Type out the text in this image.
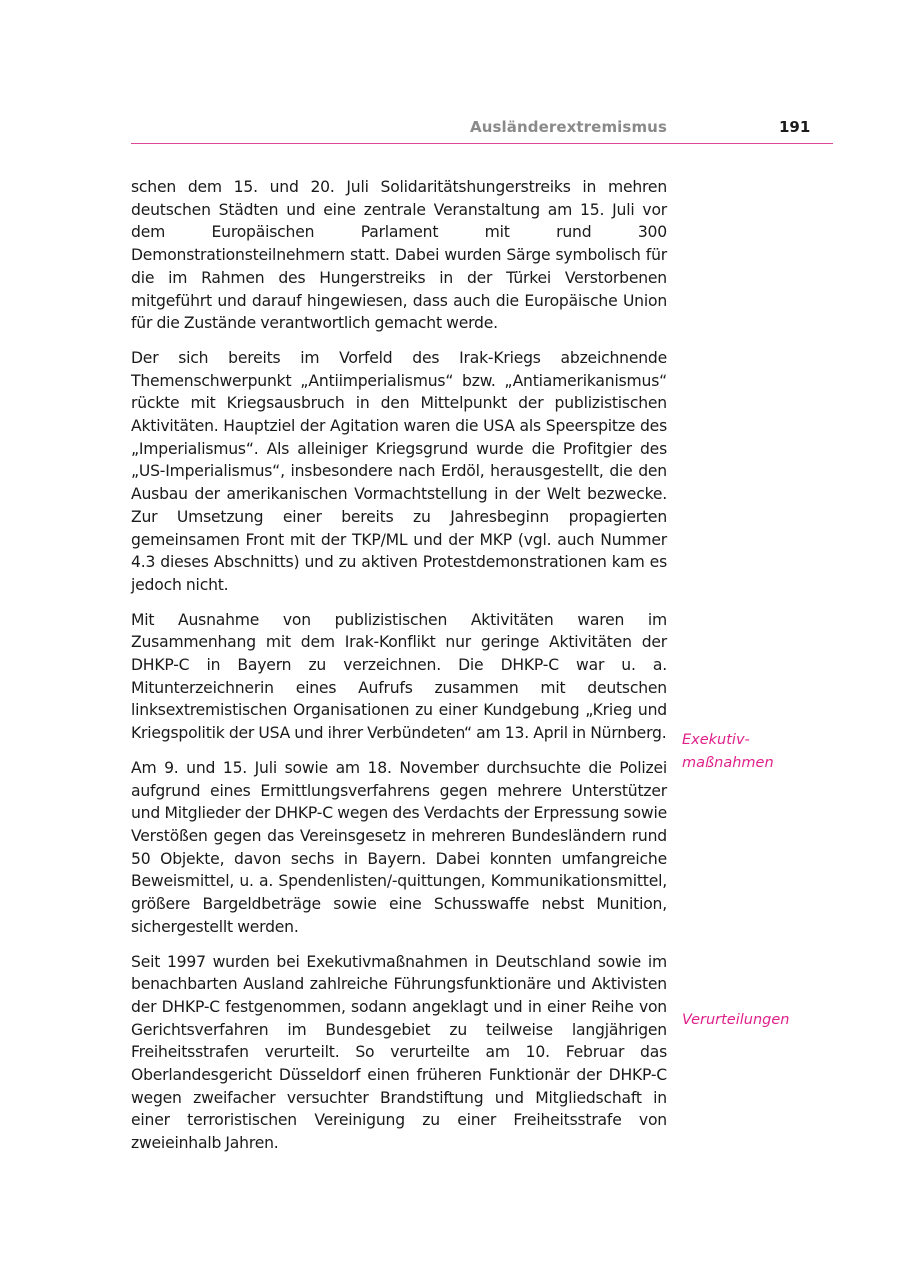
Ausländerextremismus	191

schen dem 15. und 20. Juli Solidaritätshungerstreiks in mehren deutschen Städten und eine zentrale Veranstaltung am 15. Juli vor dem Europäischen Parlament mit rund 300 Demonstrationsteilnehmern statt. Dabei wurden Särge symbolisch für die im Rahmen des Hungerstreiks in der Türkei Verstorbenen mitgeführt und darauf hingewiesen, dass auch die Europäische Union für die Zustände verantwortlich gemacht werde.

Der sich bereits im Vorfeld des Irak-Kriegs abzeichnende Themenschwerpunkt „Antiimperialismus“ bzw. „Antiamerikanismus“ rückte mit Kriegsausbruch in den Mittelpunkt der publizistischen Aktivitäten. Hauptziel der Agitation waren die USA als Speerspitze des „Imperialismus“. Als alleiniger Kriegsgrund wurde die Profitgier des „US-Imperialismus“, insbesondere nach Erdöl, herausgestellt, die den Ausbau der amerikanischen Vormachtstellung in der Welt bezwecke. Zur Umsetzung einer bereits zu Jahresbeginn propagierten gemeinsamen Front mit der TKP/ML und der MKP (vgl. auch Nummer 4.3 dieses Abschnitts) und zu aktiven Protestdemonstrationen kam es jedoch nicht.

Mit Ausnahme von publizistischen Aktivitäten waren im Zusammenhang mit dem Irak-Konflikt nur geringe Aktivitäten der DHKP-C in Bayern zu verzeichnen. Die DHKP-C war u. a. Mitunterzeichnerin eines Aufrufs zusammen mit deutschen linksextremistischen Organisationen zu einer Kundgebung „Krieg und Kriegspolitik der USA und ihrer Verbündeten“ am 13. April in Nürnberg.

Am 9. und 15. Juli sowie am 18. November durchsuchte die Polizei aufgrund eines Ermittlungsverfahrens gegen mehrere Unterstützer und Mitglieder der DHKP-C wegen des Verdachts der Erpressung sowie Verstößen gegen das Vereinsgesetz in mehreren Bundesländern rund 50 Objekte, davon sechs in Bayern. Dabei konnten umfangreiche Beweismittel, u. a. Spendenlisten/-quittungen, Kommunikationsmittel, größere Bargeldbeträge sowie eine Schusswaffe nebst Munition, sichergestellt werden.

Seit 1997 wurden bei Exekutivmaßnahmen in Deutschland sowie im benachbarten Ausland zahlreiche Führungsfunktionäre und Aktivisten der DHKP-C festgenommen, sodann angeklagt und in einer Reihe von Gerichtsverfahren im Bundesgebiet zu teilweise langjährigen Freiheitsstrafen verurteilt. So verurteilte am 10. Februar das Oberlandesgericht Düsseldorf einen früheren Funktionär der DHKP-C wegen zweifacher versuchter Brandstiftung und Mitgliedschaft in einer terroristischen Vereinigung zu einer Freiheitsstrafe von zweieinhalb Jahren.

Exekutiv-
maßnahmen

Verurteilungen
